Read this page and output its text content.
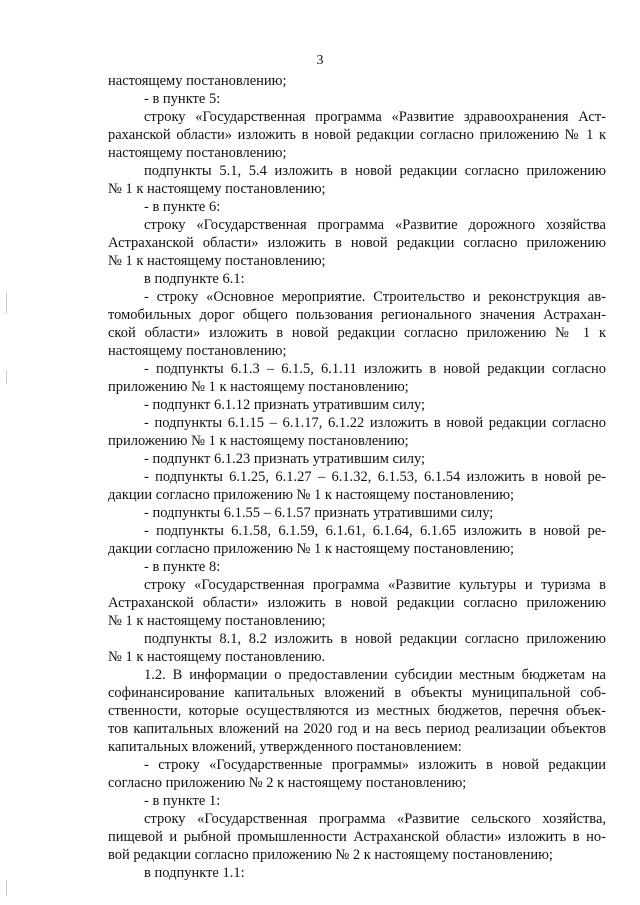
3
настоящему постановлению;
- в пункте 5:
строку «Государственная программа «Развитие здравоохранения Аст-
раханской области» изложить в новой редакции согласно приложению № 1 к
настоящему постановлению;
подпункты 5.1, 5.4 изложить в новой редакции согласно приложению
№ 1 к настоящему постановлению;
- в пункте 6:
строку «Государственная программа «Развитие дорожного хозяйства
Астраханской области» изложить в новой редакции согласно приложению
№ 1 к настоящему постановлению;
в подпункте 6.1:
- строку «Основное мероприятие. Строительство и реконструкция ав-
томобильных дорог общего пользования регионального значения Астрахан-
ской области» изложить в новой редакции согласно приложению № 1 к
настоящему постановлению;
- подпункты 6.1.3 – 6.1.5, 6.1.11 изложить в новой редакции согласно
приложению № 1 к настоящему постановлению;
- подпункт 6.1.12 признать утратившим силу;
- подпункты 6.1.15 – 6.1.17, 6.1.22 изложить в новой редакции согласно
приложению № 1 к настоящему постановлению;
- подпункт 6.1.23 признать утратившим силу;
- подпункты 6.1.25, 6.1.27 – 6.1.32, 6.1.53, 6.1.54 изложить в новой ре-
дакции согласно приложению № 1 к настоящему постановлению;
- подпункты 6.1.55 – 6.1.57 признать утратившими силу;
- подпункты 6.1.58, 6.1.59, 6.1.61, 6.1.64, 6.1.65 изложить в новой ре-
дакции согласно приложению № 1 к настоящему постановлению;
- в пункте 8:
строку «Государственная программа «Развитие культуры и туризма в
Астраханской области» изложить в новой редакции согласно приложению
№ 1 к настоящему постановлению;
подпункты 8.1, 8.2 изложить в новой редакции согласно приложению
№ 1 к настоящему постановлению.
1.2. В информации о предоставлении субсидии местным бюджетам на
софинансирование капитальных вложений в объекты муниципальной соб-
ственности, которые осуществляются из местных бюджетов, перечня объек-
тов капитальных вложений на 2020 год и на весь период реализации объектов
капитальных вложений, утвержденного постановлением:
- строку «Государственные программы» изложить в новой редакции
согласно приложению № 2 к настоящему постановлению;
- в пункте 1:
строку «Государственная программа «Развитие сельского хозяйства,
пищевой и рыбной промышленности Астраханской области» изложить в но-
вой редакции согласно приложению № 2 к настоящему постановлению;
в подпункте 1.1:
